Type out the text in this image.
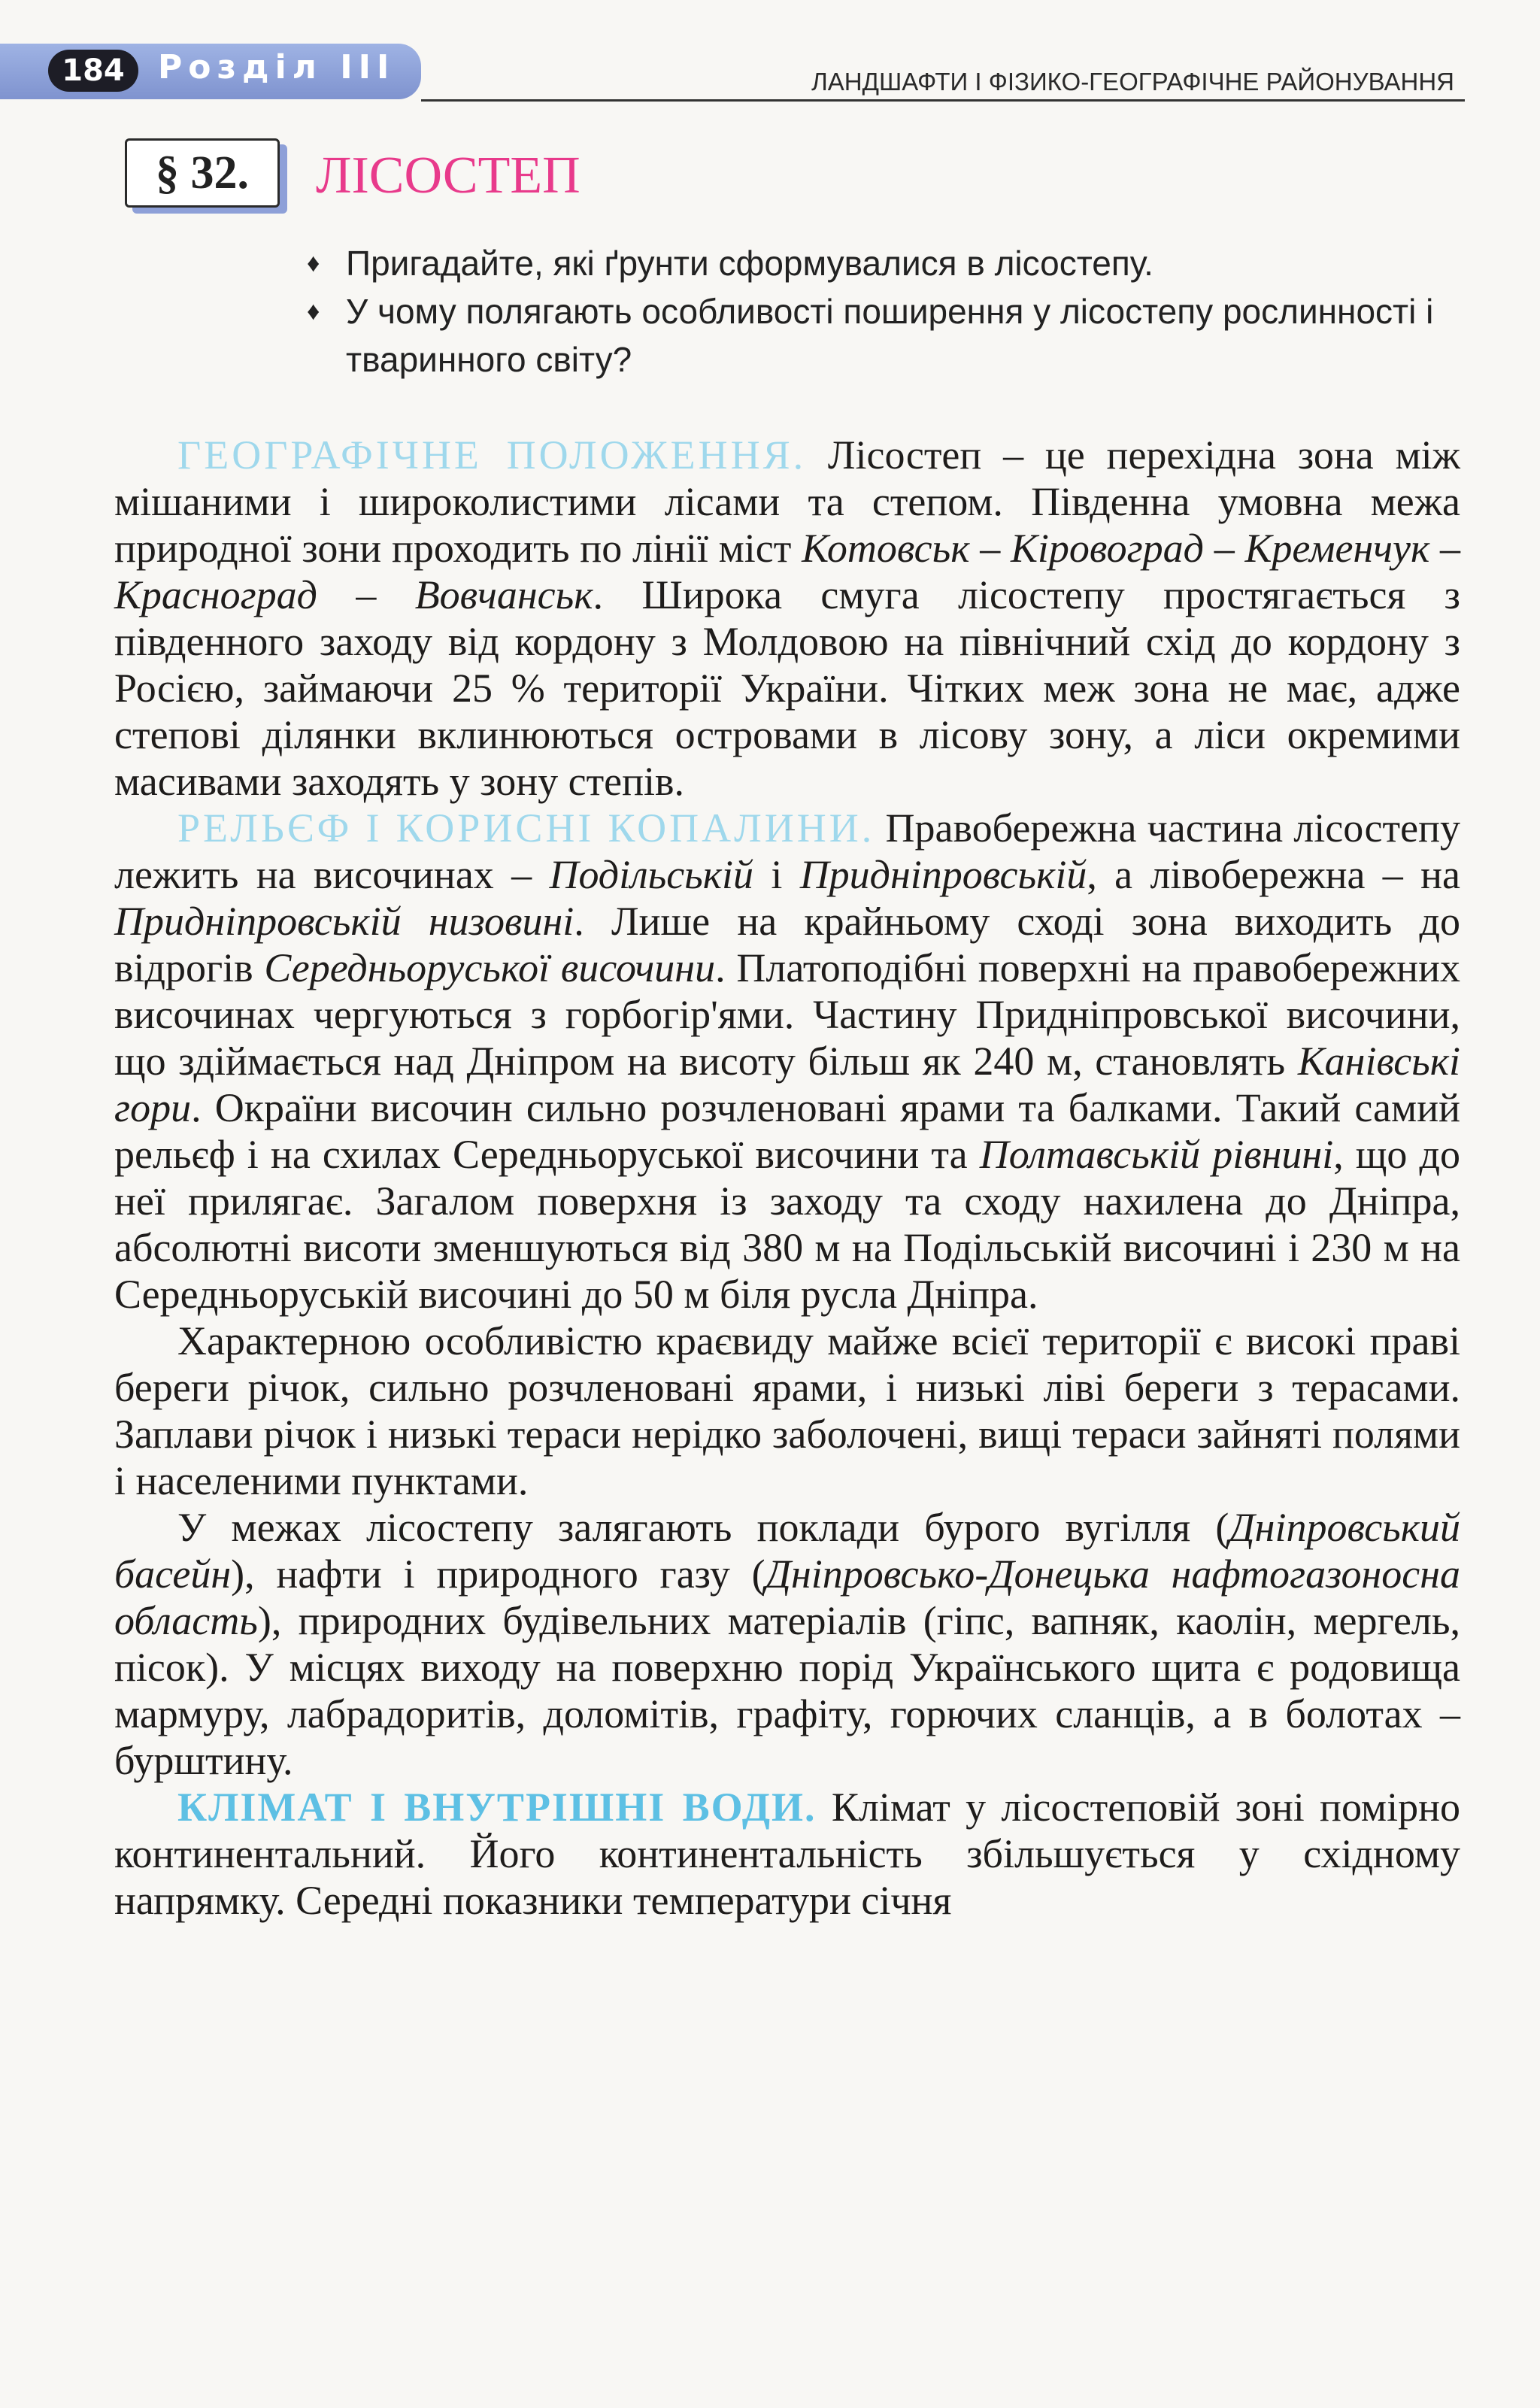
184	Розділ III	ЛАНДШАФТИ І ФІЗИКО-ГЕОГРАФІЧНЕ РАЙОНУВАННЯ
§ 32.	ЛІСОСТЕП
♦ Пригадайте, які ґрунти сформувалися в лісостепу.
♦ У чому полягають особливості поширення у лісостепу рослинності і тваринного світу?

ГЕОГРАФІЧНЕ ПОЛОЖЕННЯ. Лісостеп – це перехідна зона між мішаними і широколистими лісами та степом. Південна умовна межа природної зони проходить по лінії міст Котовськ – Кіровоград – Кременчук – Красноград – Вовчанськ. Широка смуга лісостепу простягається з південного заходу від кордону з Молдовою на північний схід до кордону з Росією, займаючи 25 % території України. Чітких меж зона не має, адже степові ділянки вклинюються островами в лісову зону, а ліси окремими масивами заходять у зону степів.

РЕЛЬЄФ І КОРИСНІ КОПАЛИНИ. Правобережна частина лісостепу лежить на височинах – Подільській і Придніпровській, а лівобережна – на Придніпровській низовині. Лише на крайньому сході зона виходить до відрогів Середньоруської височини. Платоподібні поверхні на правобережних височинах чергуються з горбогір'ями. Частину Придніпровської височини, що здіймається над Дніпром на висоту більш як 240 м, становлять Канівські гори. Окраїни височин сильно розчленовані ярами та балками. Такий самий рельєф і на схилах Середньоруської височини та Полтавській рівнині, що до неї прилягає. Загалом поверхня із заходу та сходу нахилена до Дніпра, абсолютні висоти зменшуються від 380 м на Подільській височині і 230 м на Середньоруській височині до 50 м біля русла Дніпра.

Характерною особливістю краєвиду майже всієї території є високі праві береги річок, сильно розчленовані ярами, і низькі ліві береги з терасами. Заплави річок і низькі тераси нерідко заболочені, вищі тераси зайняті полями і населеними пунктами.

У межах лісостепу залягають поклади бурого вугілля (Дніпровський басейн), нафти і природного газу (Дніпровсько-Донецька нафтогазоносна область), природних будівельних матеріалів (гіпс, вапняк, каолін, мергель, пісок). У місцях виходу на поверхню порід Українського щита є родовища мармуру, лабрадоритів, доломітів, графіту, горючих сланців, а в болотах – бурштину.

КЛІМАТ І ВНУТРІШНІ ВОДИ. Клімат у лісостеповій зоні помірно континентальний. Його континентальність збільшується у східному напрямку. Середні показники температури січня
